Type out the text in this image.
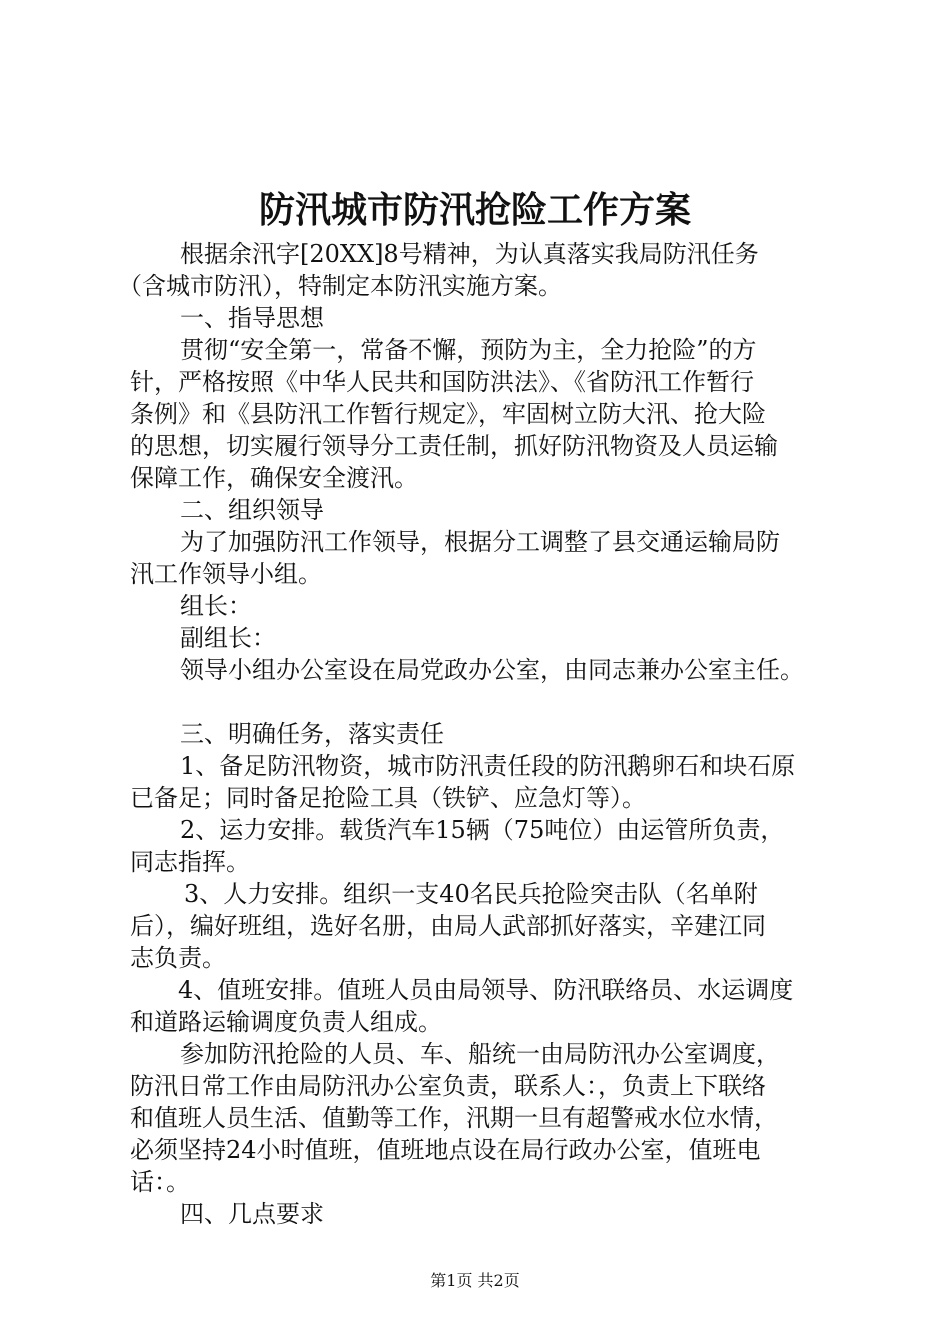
防汛城市防汛抢险工作方案
根据余汛字[20XX]8号精神，为认真落实我局防汛任务
（含城市防汛），特制定本防汛实施方案。
一、指导思想
贯彻“安全第一，常备不懈，预防为主，全力抢险”的方
针，严格按照《中华人民共和国防洪法》、《省防汛工作暂行
条例》和《县防汛工作暂行规定》，牢固树立防大汛、抢大险
的思想，切实履行领导分工责任制，抓好防汛物资及人员运输
保障工作，确保安全渡汛。
二、组织领导
为了加强防汛工作领导，根据分工调整了县交通运输局防
汛工作领导小组。
组长：
副组长：
领导小组办公室设在局党政办公室，由同志兼办公室主任。
三、明确任务，落实责任
1、备足防汛物资，城市防汛责任段的防汛鹅卵石和块石原
已备足；同时备足抢险工具（铁铲、应急灯等）。
2、运力安排。载货汽车15辆（75吨位）由运管所负责，
同志指挥。
3、人力安排。组织一支40名民兵抢险突击队（名单附
后），编好班组，选好名册，由局人武部抓好落实，辛建江同
志负责。
4、值班安排。值班人员由局领导、防汛联络员、水运调度
和道路运输调度负责人组成。
参加防汛抢险的人员、车、船统一由局防汛办公室调度，
防汛日常工作由局防汛办公室负责，联系人：，负责上下联络
和值班人员生活、值勤等工作，汛期一旦有超警戒水位水情，
必须坚持24小时值班，值班地点设在局行政办公室，值班电
话：。
四、几点要求
第1页 共2页
